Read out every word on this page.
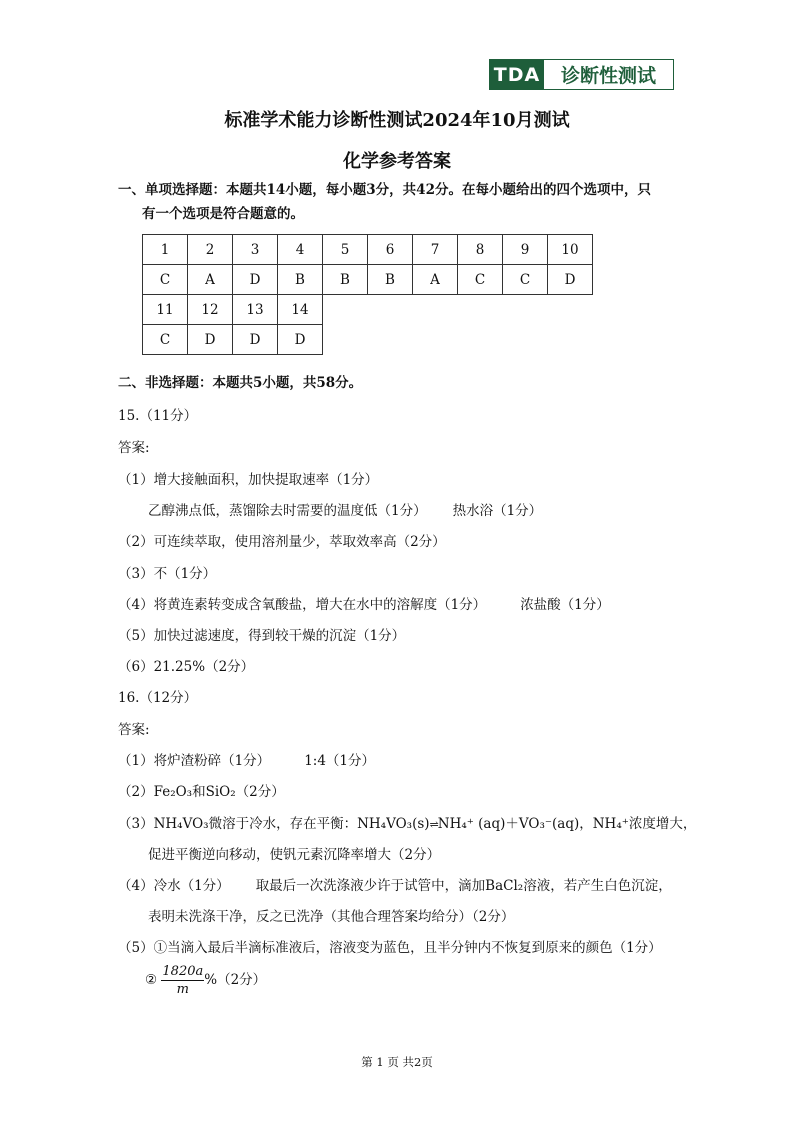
TDA	诊断性测试
标准学术能力诊断性测试2024年10月测试
化学参考答案
一、单项选择题：本题共14小题，每小题3分，共42分。在每小题给出的四个选项中，只
有一个选项是符合题意的。
1	2	3	4	5	6	7	8	9	10
C	A	D	B	B	B	A	C	C	D
11	12	13	14						
C	D	D	D						
二、非选择题：本题共5小题，共58分。
15.（11分）
答案:
（1）增大接触面积，加快提取速率（1分）
乙醇沸点低，蒸馏除去时需要的温度低（1分） 热水浴（1分）
（2）可连续萃取，使用溶剂量少，萃取效率高（2分）
（3）不（1分）
（4）将黄连素转变成含氧酸盐，增大在水中的溶解度（1分）	浓盐酸（1分）
（5）加快过滤速度，得到较干燥的沉淀（1分）
（6）21.25%（2分）
16.（12分）
答案:
（1）将炉渣粉碎（1分）	1:4（1分）
（2）Fe₂O₃和SiO₂（2分）
（3）NH₄VO₃微溶于冷水，存在平衡：NH₄VO₃(s)⇌NH₄⁺ (aq)＋VO₃⁻(aq)，NH₄⁺浓度增大，
促进平衡逆向移动，使钒元素沉降率增大（2分）
（4）冷水（1分） 取最后一次洗涤液少许于试管中，滴加BaCl₂溶液，若产生白色沉淀，
表明未洗涤干净，反之已洗净（其他合理答案均给分）（2分）
（5）①当滴入最后半滴标准液后，溶液变为蓝色，且半分钟内不恢复到原来的颜色（1分）
② $\frac{1820a}{m} \%(2$分）
第 1 页 共2页
